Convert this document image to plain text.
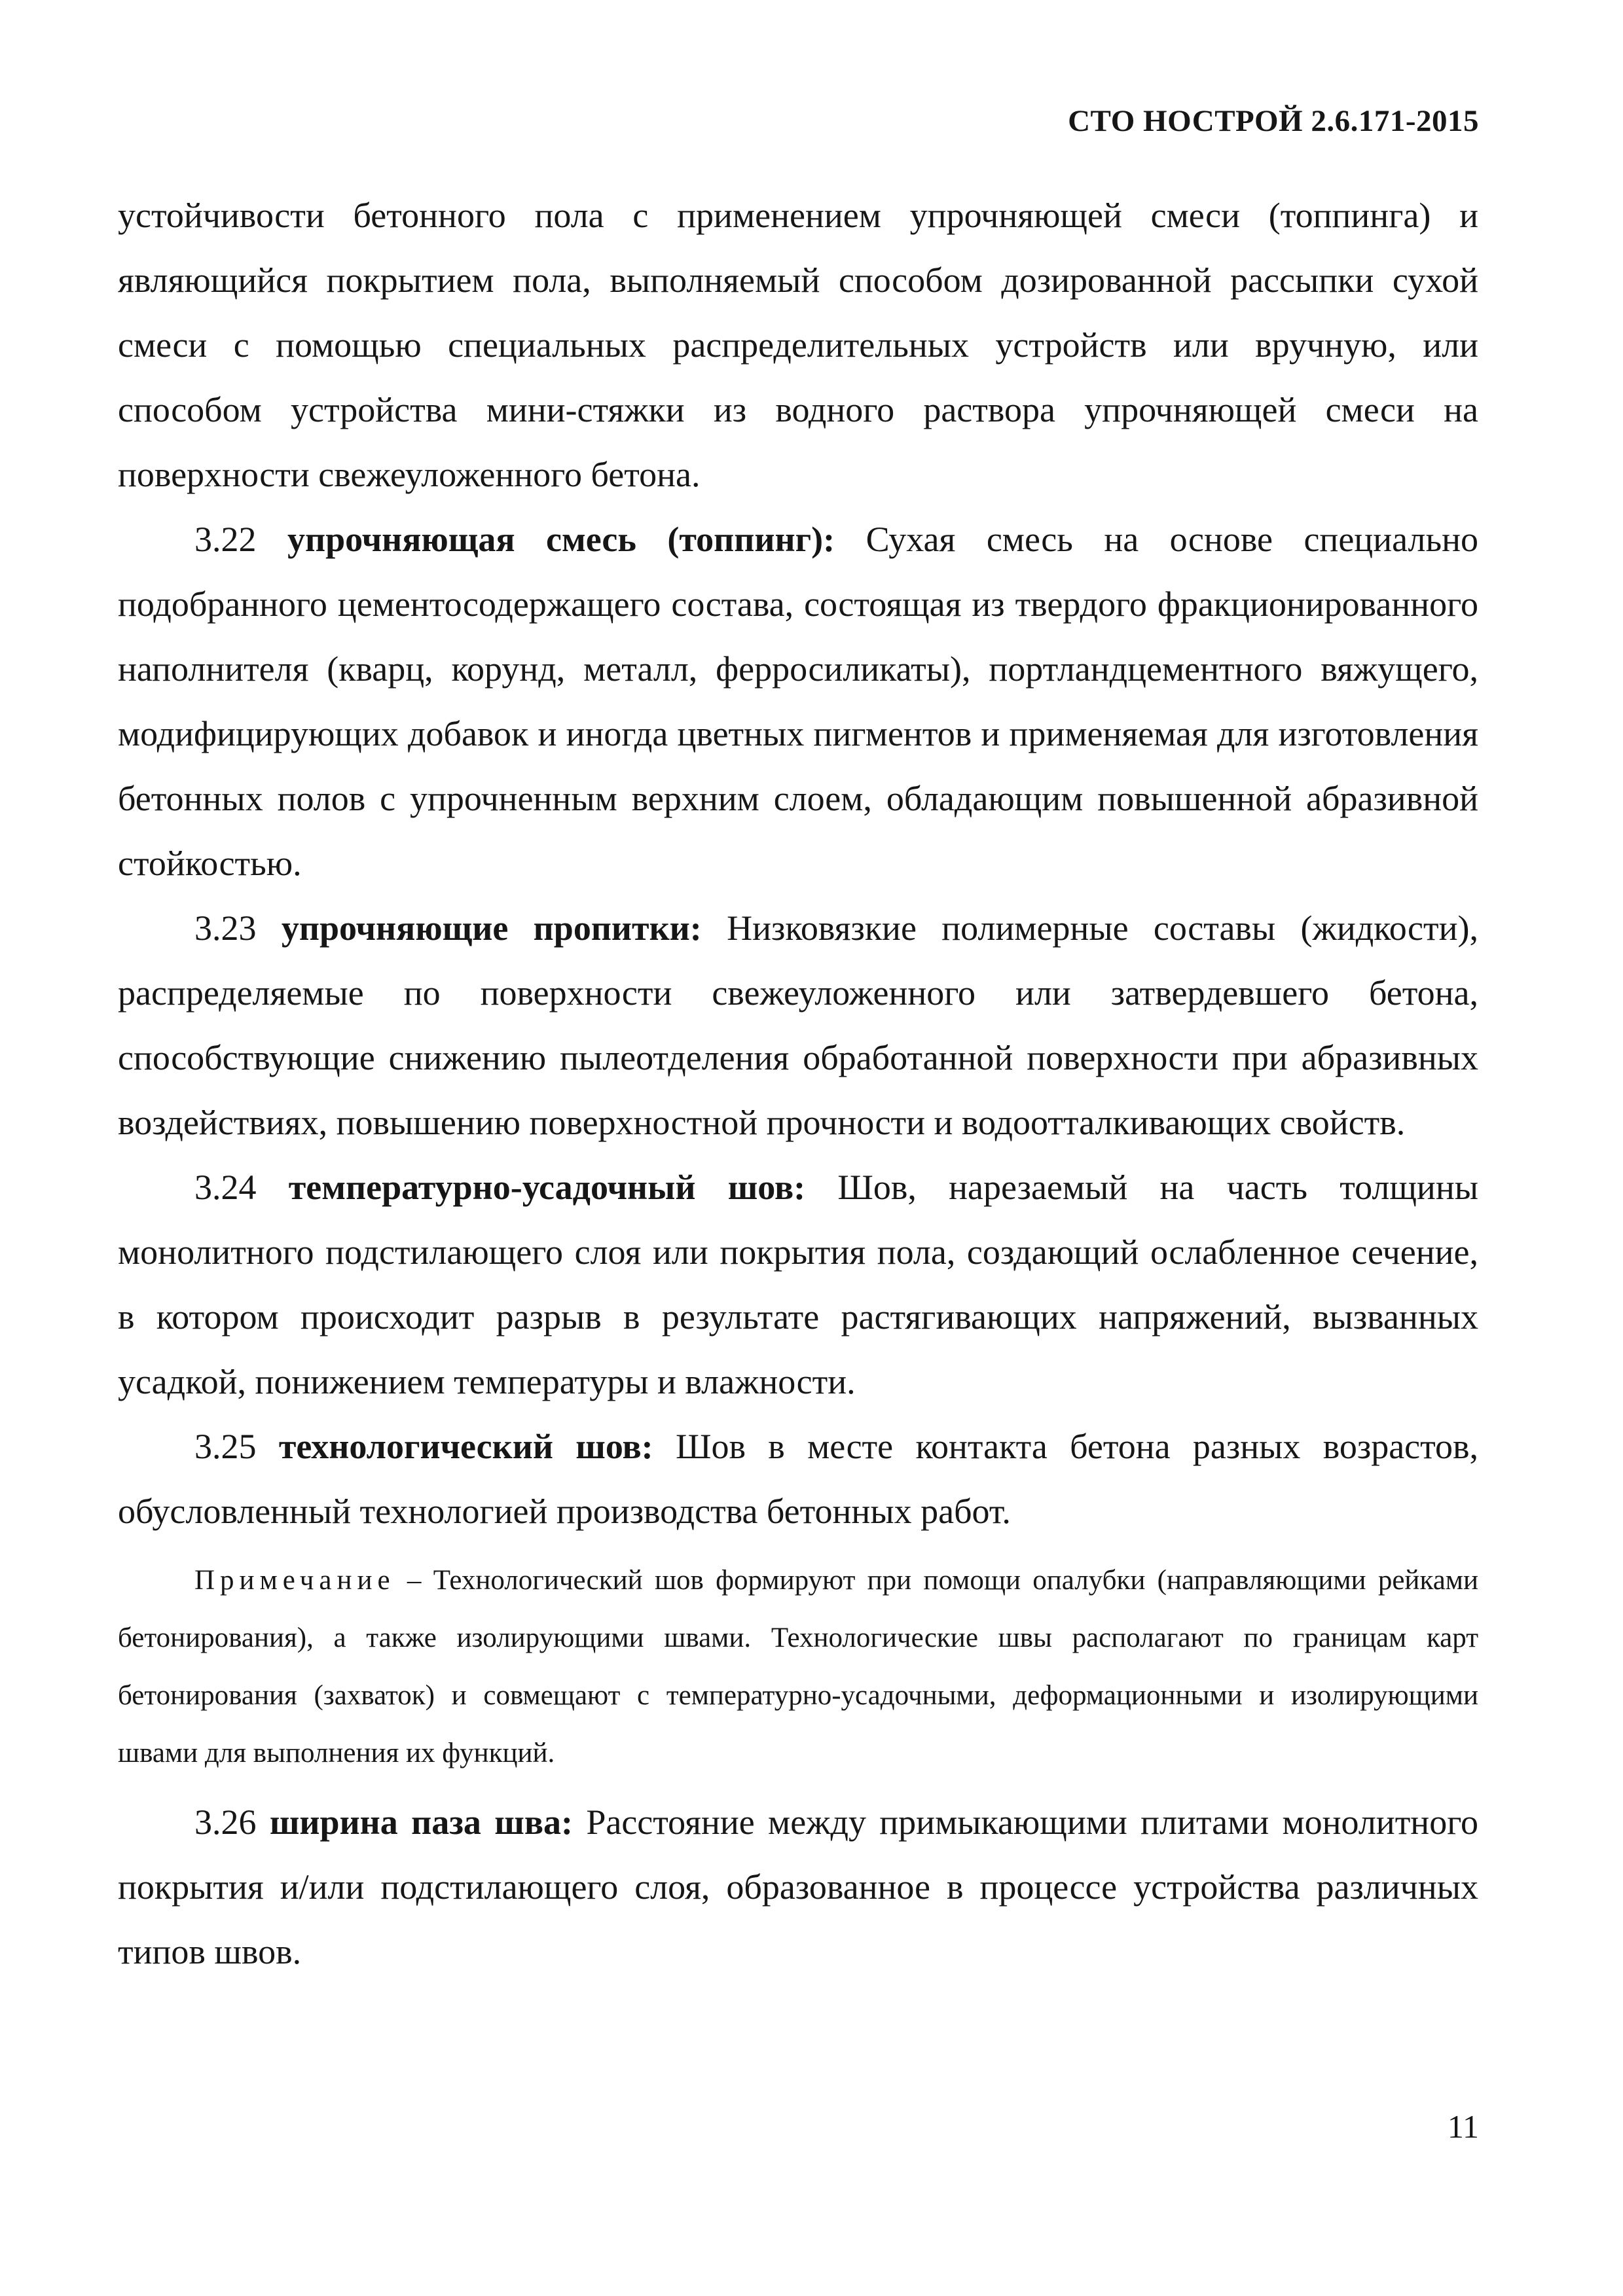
СТО НОСТРОЙ 2.6.171-2015

устойчивости бетонного пола с применением упрочняющей смеси (топпинга) и являющийся покрытием пола, выполняемый способом дозированной рассыпки сухой смеси с помощью специальных распределительных устройств или вручную, или способом устройства мини-стяжки из водного раствора упрочняющей смеси на поверхности свежеуложенного бетона.

3.22 упрочняющая смесь (топпинг): Сухая смесь на основе специально подобранного цементосодержащего состава, состоящая из твердого фракционированного наполнителя (кварц, корунд, металл, ферросиликаты), портландцементного вяжущего, модифицирующих добавок и иногда цветных пигментов и применяемая для изготовления бетонных полов с упрочненным верхним слоем, обладающим повышенной абразивной стойкостью.

3.23 упрочняющие пропитки: Низковязкие полимерные составы (жидкости), распределяемые по поверхности свежеуложенного или затвердевшего бетона, способствующие снижению пылеотделения обработанной поверхности при абразивных воздействиях, повышению поверхностной прочности и водоотталкивающих свойств.

3.24 температурно-усадочный шов: Шов, нарезаемый на часть толщины монолитного подстилающего слоя или покрытия пола, создающий ослабленное сечение, в котором происходит разрыв в результате растягивающих напряжений, вызванных усадкой, понижением температуры и влажности.

3.25 технологический шов: Шов в месте контакта бетона разных возрастов, обусловленный технологией производства бетонных работ.

Примечание – Технологический шов формируют при помощи опалубки (направляющими рейками бетонирования), а также изолирующими швами. Технологические швы располагают по границам карт бетонирования (захваток) и совмещают с температурно-усадочными, деформационными и изолирующими швами для выполнения их функций.

3.26 ширина паза шва: Расстояние между примыкающими плитами монолитного покрытия и/или подстилающего слоя, образованное в процессе устройства различных типов швов.

11
